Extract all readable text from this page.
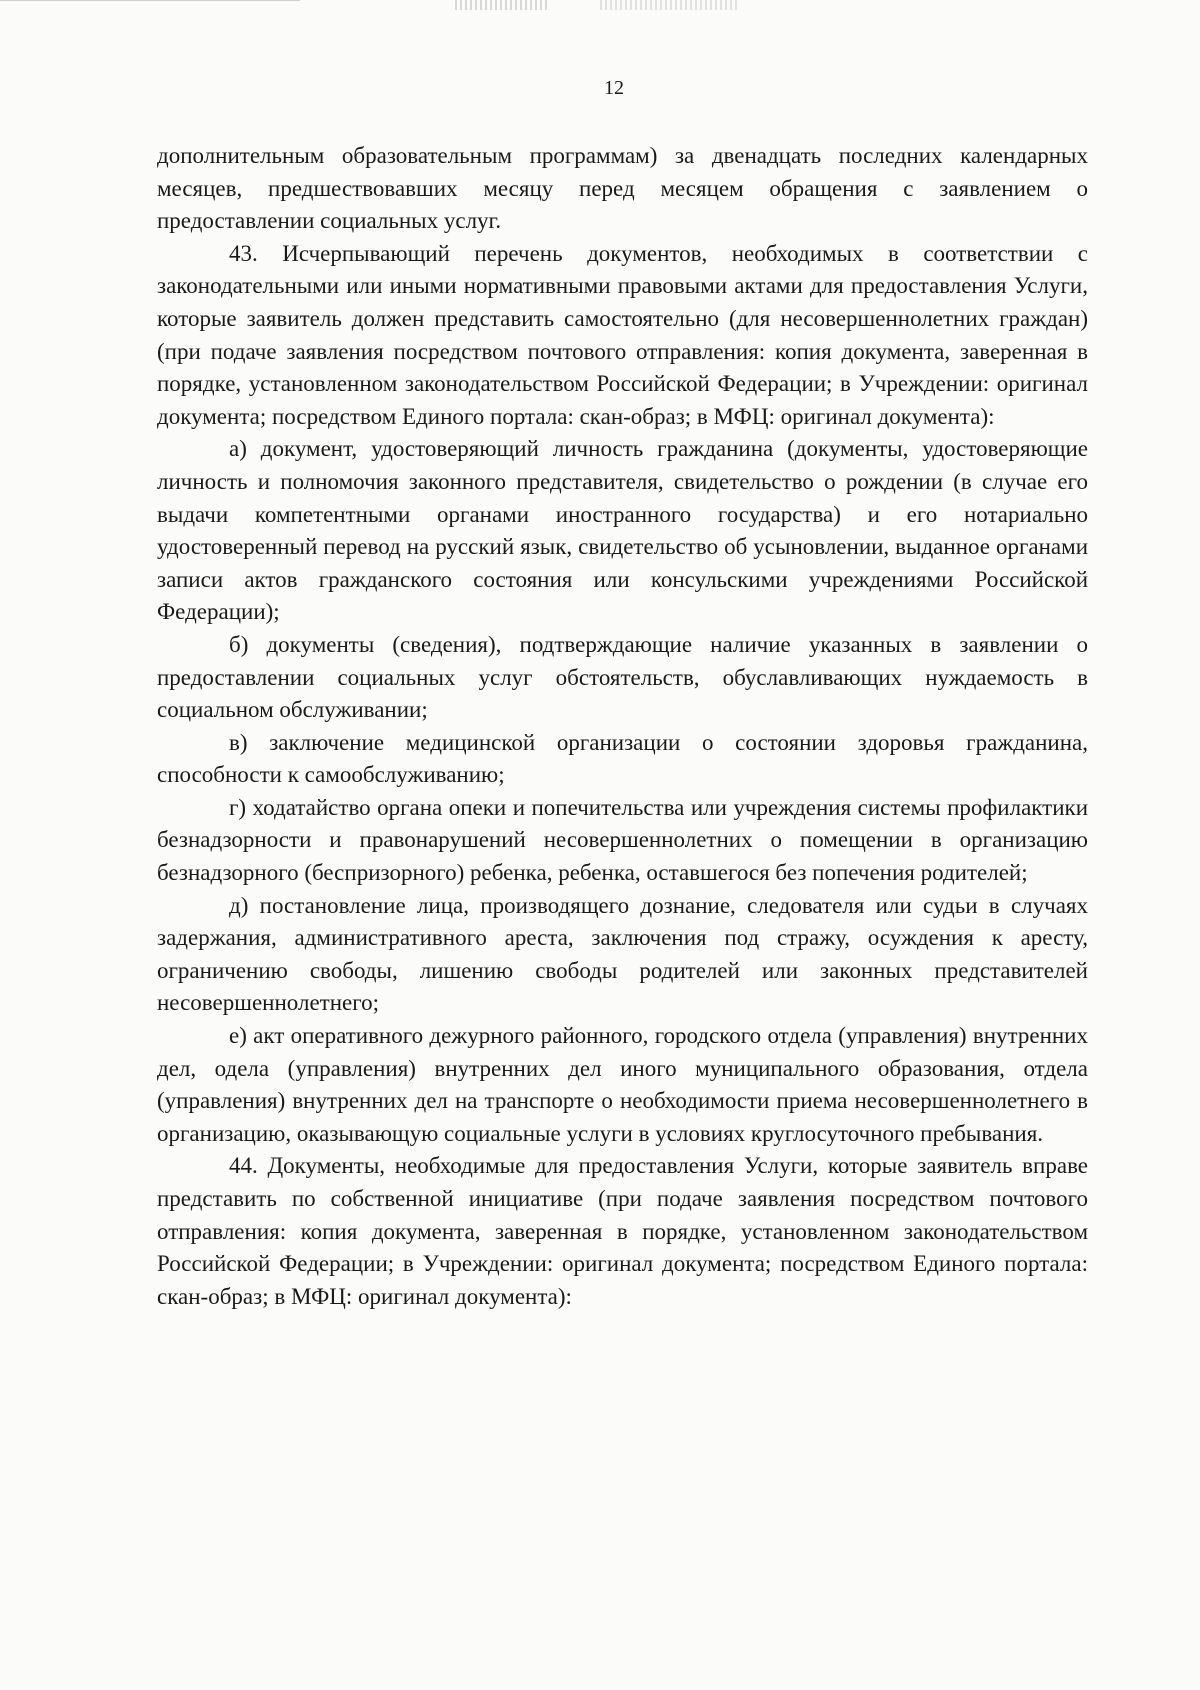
12

дополнительным образовательным программам) за двенадцать последних календарных месяцев, предшествовавших месяцу перед месяцем обращения с заявлением о предоставлении социальных услуг.

43. Исчерпывающий перечень документов, необходимых в соответствии с законодательными или иными нормативными правовыми актами для предоставления Услуги, которые заявитель должен представить самостоятельно (для несовершеннолетних граждан) (при подаче заявления посредством почтового отправления: копия документа, заверенная в порядке, установленном законодательством Российской Федерации; в Учреждении: оригинал документа; посредством Единого портала: скан-образ; в МФЦ: оригинал документа):

а) документ, удостоверяющий личность гражданина (документы, удостоверяющие личность и полномочия законного представителя, свидетельство о рождении (в случае его выдачи компетентными органами иностранного государства) и его нотариально удостоверенный перевод на русский язык, свидетельство об усыновлении, выданное органами записи актов гражданского состояния или консульскими учреждениями Российской Федерации);

б) документы (сведения), подтверждающие наличие указанных в заявлении о предоставлении социальных услуг обстоятельств, обуславливающих нуждаемость в социальном обслуживании;

в) заключение медицинской организации о состоянии здоровья гражданина, способности к самообслуживанию;

г) ходатайство органа опеки и попечительства или учреждения системы профилактики безнадзорности и правонарушений несовершеннолетних о помещении в организацию безнадзорного (беспризорного) ребенка, ребенка, оставшегося без попечения родителей;

д) постановление лица, производящего дознание, следователя или судьи в случаях задержания, административного ареста, заключения под стражу, осуждения к аресту, ограничению свободы, лишению свободы родителей или законных представителей несовершеннолетнего;

е) акт оперативного дежурного районного, городского отдела (управления) внутренних дел, одела (управления) внутренних дел иного муниципального образования, отдела (управления) внутренних дел на транспорте о необходимости приема несовершеннолетнего в организацию, оказывающую социальные услуги в условиях круглосуточного пребывания.

44. Документы, необходимые для предоставления Услуги, которые заявитель вправе представить по собственной инициативе (при подаче заявления посредством почтового отправления: копия документа, заверенная в порядке, установленном законодательством Российской Федерации; в Учреждении: оригинал документа; посредством Единого портала: скан-образ; в МФЦ: оригинал документа):
